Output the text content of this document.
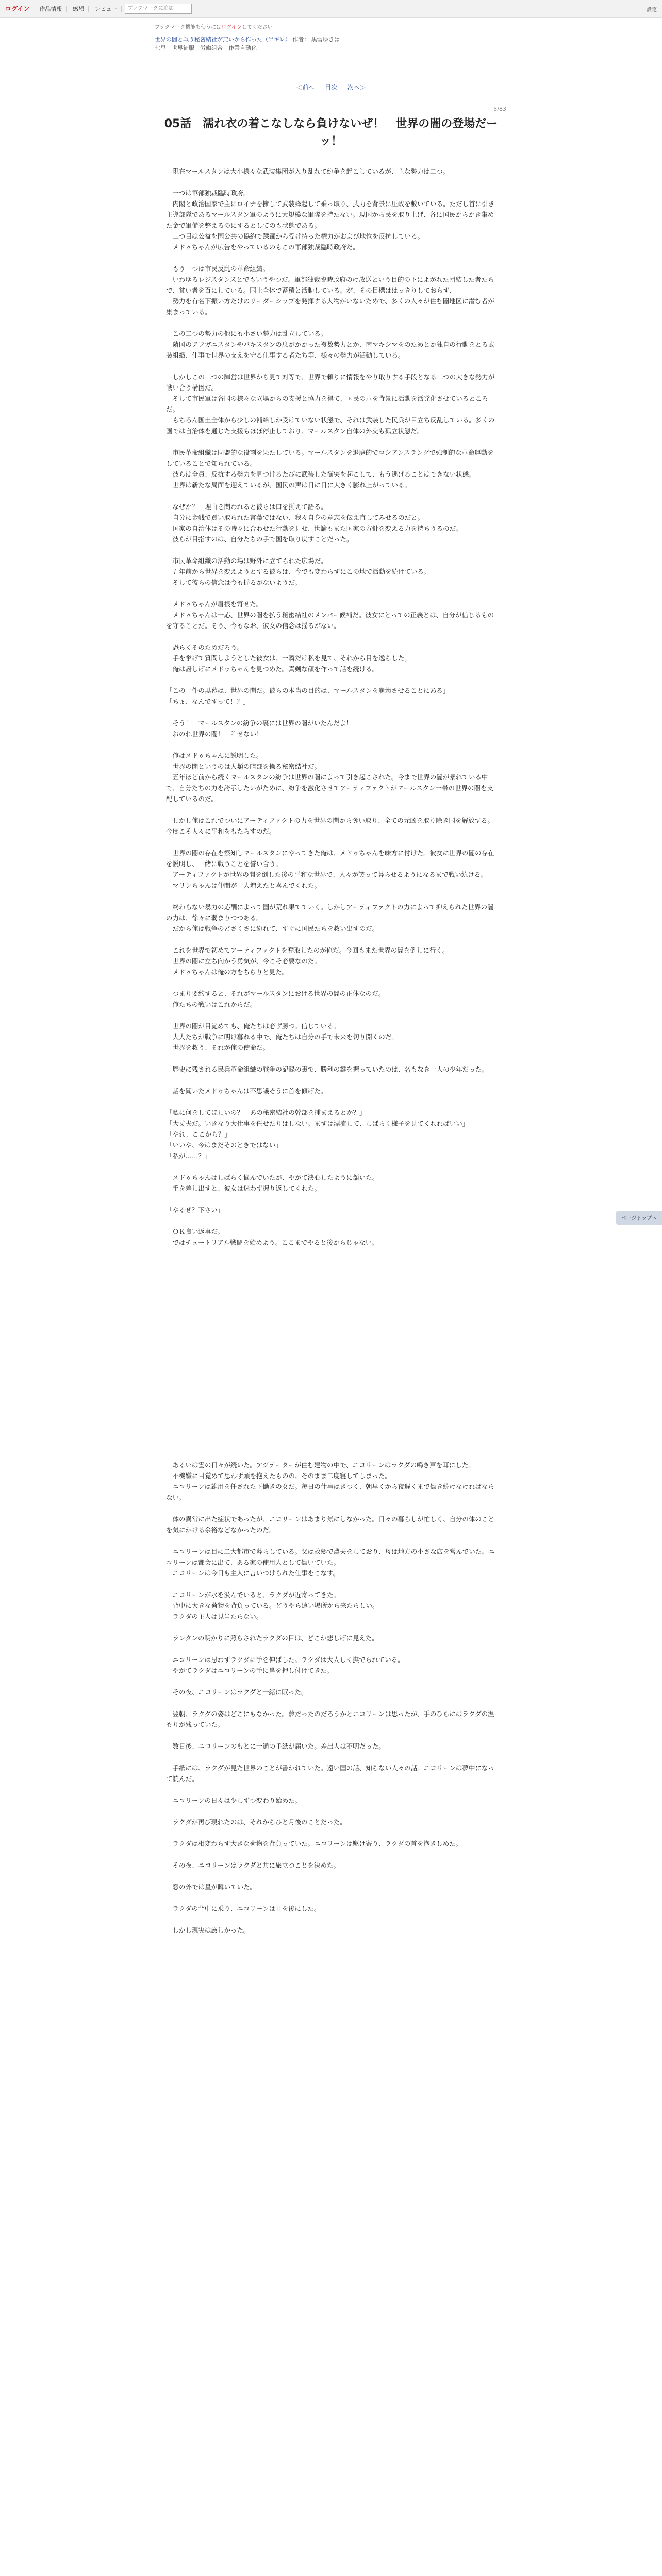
ログイン	作品情報 感想 レビュー
ブックマークに追加	設定
ブックマーク機能を使うにはログインしてください。
世界の闇と戦う秘密結社が無いから作った（半ギレ） 作者： 黒雪ゆきは
七里　世界征服　労働組合　作業自動化
＜前へ 目次 次へ＞
5/83
05話　濡れ衣の着こなしなら負けないぜ！　世界の闇の登場だーッ！

　現在マールスタンは大小様々な武装集団が入り乱れて紛争を起こしているが、主な勢力は二つ。

　一つは軍部独裁臨時政府。
　内閣と政治国家で主にロイナを擁して武装蜂起して乗っ取り、武力を背景に圧政を敷いている。ただし首に引き主導部隊であるマールスタン軍のように大規模な軍隊を持たない。現国から民を取り上げ、各に国民からかき集めた金で軍備を整えるのにするとしてのも状態である。
　二つ目は公益を国公共の協約で蹂躙から受け持った権力がおよび地位を反抗している。
　メドゥちゃんが広告をやっているのもこの軍部独裁臨時政府だ。

　もう一つは市民反乱の革命組織。
　いわゆるレジスタンスとでもいうやつだ。軍部独裁臨時政府のけ放送という目的の下によがれた団結した者たちで、貧い者を百にしている。国土全体で蓄積と活動している。が、その目標ははっきりしておらず、
　勢力を有名下振い方だけのリーダーシップを発揮する人物がいないためで、多くの人々が住む闇地区に潜む者が集まっている。

　この二つの勢力の他にも小さい勢力は乱立している。
　隣国のアフガニスタンやパキスタンの息がかかった複数勢力とか、南マキシマをのためとか独自の行動をとる武装組織、仕事で世界の支えを守る仕事する者たち等、様々の勢力が活動している。

　しかしこの二つの陣営は世界から見て対等で、世界で頼りに情報をやり取りする手段となる二つの大きな勢力が戦い合う構図だ。
　そして市民軍は各国の様々な立場からの支援と協力を得て、国民の声を背景に活動を活発化させているところだ。
　もちろん国土全体から少しの補給しか受けていない状態で、それは武装した民兵が目立ち反乱している。多くの国では自治体を通じた支援もほぼ停止しており、マールスタン自体の外交も孤立状態だ。

　市民革命組織は同盟的な役割を果たしている。マールスタンを退廃的でロシアンスラングで強制的な革命運動をしていることで知られている。
　彼らは全員、反抗する勢力を見つけるたびに武装した衝突を起こして、もう逃げることはできない状態。
　世界は新たな局面を迎えているが、国民の声は日に日に大きく膨れ上がっている。

　なぜか？　理由を問われると彼らは口を揃えて語る。
　自分に金銭で買い取られた言葉ではない、我々自身の意志を伝え直してみせるのだと。
　国家の自治体はその時々に合わせた行動を見せ、世論もまた国家の方針を変える力を持ちうるのだ。
　彼らが目指すのは、自分たちの手で国を取り戻すことだった。

　市民革命組織の活動の場は野外に立てられた広場だ。
　五年前から世界を変えようとする彼らは、今でも変わらずにこの地で活動を続けている。
　そして彼らの信念は今も揺るがないようだ。

　メドゥちゃんが眉根を寄せた。
　メドゥちゃんは一応、世界の闇を払う秘密結社のメンバー候補だ。彼女にとっての正義とは、自分が信じるものを守ることだ。そう、今もなお、彼女の信念は揺るがない。

　恐らくそのためだろう。
　手を挙げて質問しようとした彼女は、一瞬だけ私を見て、それから目を逸らした。
　俺は訝しげにメドゥちゃんを見つめた。真剣な顔を作って話を続ける。

「この一件の黒幕は、世界の闇だ。彼らの本当の目的は、マールスタンを崩壊させることにある」
「ちょ、なんですって！？」

　そう！　マールスタンの紛争の裏には世界の闇がいたんだよ！
　おのれ世界の闇！　許せない！

　俺はメドゥちゃんに説明した。
　世界の闇というのは人類の暗部を操る秘密結社だ。
　五年ほど前から続くマールスタンの紛争は世界の闇によって引き起こされた。今まで世界の闇が暴れている中で、自分たちの力を誇示したいがために、紛争を激化させてアーティファクトがマールスタン一帯の世界の闇を支配しているのだ。

　しかし俺はこれでついにアーティファクトの力を世界の闇から奪い取り、全ての元凶を取り除き国を解放する。今度こそ人々に平和をもたらすのだ。

　世界の闇の存在を察知しマールスタンにやってきた俺は、メドゥちゃんを味方に付けた。彼女に世界の闇の存在を説明し、一緒に戦うことを誓い合う。
　アーティファクトが世界の闇を倒した後の平和な世界で、人々が笑って暮らせるようになるまで戦い続ける。
　マリンちゃんは仲間が一人増えたと喜んでくれた。

　終わらない暴力の応酬によって国が荒れ果てていく。しかしアーティファクトの力によって抑えられた世界の闇の力は、徐々に弱まりつつある。
　だから俺は戦争のどさくさに紛れて、すぐに国民たちを救い出すのだ。

　これを世界で初めてアーティファクトを奪取したのが俺だ。今回もまた世界の闇を倒しに行く。
　世界の闇に立ち向かう勇気が、今こそ必要なのだ。
　メドゥちゃんは俺の方をちらりと見た。

　つまり要約すると、それがマールスタンにおける世界の闇の正体なのだ。
　俺たちの戦いはこれからだ。

　世界の闇が目覚めても、俺たちは必ず勝つ。信じている。
　大人たちが戦争に明け暮れる中で、俺たちは自分の手で未来を切り開くのだ。
　世界を救う、それが俺の使命だ。

　歴史に残される民兵革命組織の戦争の記録の裏で、勝利の鍵を握っていたのは、名もなき一人の少年だった。

　話を聞いたメドゥちゃんは不思議そうに首を傾げた。

「私に何をしてほしいの？　あの秘密結社の幹部を捕まえるとか？」
「大丈夫だ。いきなり大仕事を任せたりはしない。まずは漂流して、しばらく様子を見てくれればいい」
「やれ、ここから？」
「いいや、今はまだそのときではない」
「私が……？」

　メドゥちゃんはしばらく悩んでいたが、やがて決心したように頷いた。
　手を差し出すと、彼女は迷わず握り返してくれた。

「やるぜ？下さい」

　ＯＫ良い返事だ。
　ではチュートリアル戦闘を始めよう。ここまでやると後からじゃない。

　あるいは雲の日々が続いた。アジテーターが住む建物の中で、ニコリーンはラクダの鳴き声を耳にした。
　不機嫌に目覚めて思わず頭を抱えたものの、そのまま二度寝してしまった。
　ニコリーンは雑用を任された下働きの女だ。毎日の仕事はきつく、朝早くから夜遅くまで働き続けなければならない。

　体の異常に出た症状であったが、ニコリーンはあまり気にしなかった。日々の暮らしが忙しく、自分の体のことを気にかける余裕などなかったのだ。

　ニコリーンは目に二大都市で暮らしている。父は故郷で農夫をしており、母は地方の小さな店を営んでいた。ニコリーンは都会に出て、ある家の使用人として働いていた。
　ニコリーンは今日も主人に言いつけられた仕事をこなす。

　ニコリーンが水を汲んでいると、ラクダが近寄ってきた。
　背中に大きな荷物を背負っている。どうやら遠い場所から来たらしい。
　ラクダの主人は見当たらない。

　ランタンの明かりに照らされたラクダの目は、どこか悲しげに見えた。

　ニコリーンは思わずラクダに手を伸ばした。ラクダは大人しく撫でられている。
　やがてラクダはニコリーンの手に鼻を押し付けてきた。

　その夜、ニコリーンはラクダと一緒に眠った。

　翌朝、ラクダの姿はどこにもなかった。夢だったのだろうかとニコリーンは思ったが、手のひらにはラクダの温もりが残っていた。

　数日後、ニコリーンのもとに一通の手紙が届いた。差出人は不明だった。

　手紙には、ラクダが見た世界のことが書かれていた。遠い国の話、知らない人々の話。ニコリーンは夢中になって読んだ。

　ニコリーンの日々は少しずつ変わり始めた。

　ラクダが再び現れたのは、それからひと月後のことだった。

　ラクダは相変わらず大きな荷物を背負っていた。ニコリーンは駆け寄り、ラクダの首を抱きしめた。

　その夜、ニコリーンはラクダと共に旅立つことを決めた。

　窓の外では星が瞬いていた。

　ラクダの背中に乗り、ニコリーンは町を後にした。

　しかし現実は厳しかった。

ページトップへ
